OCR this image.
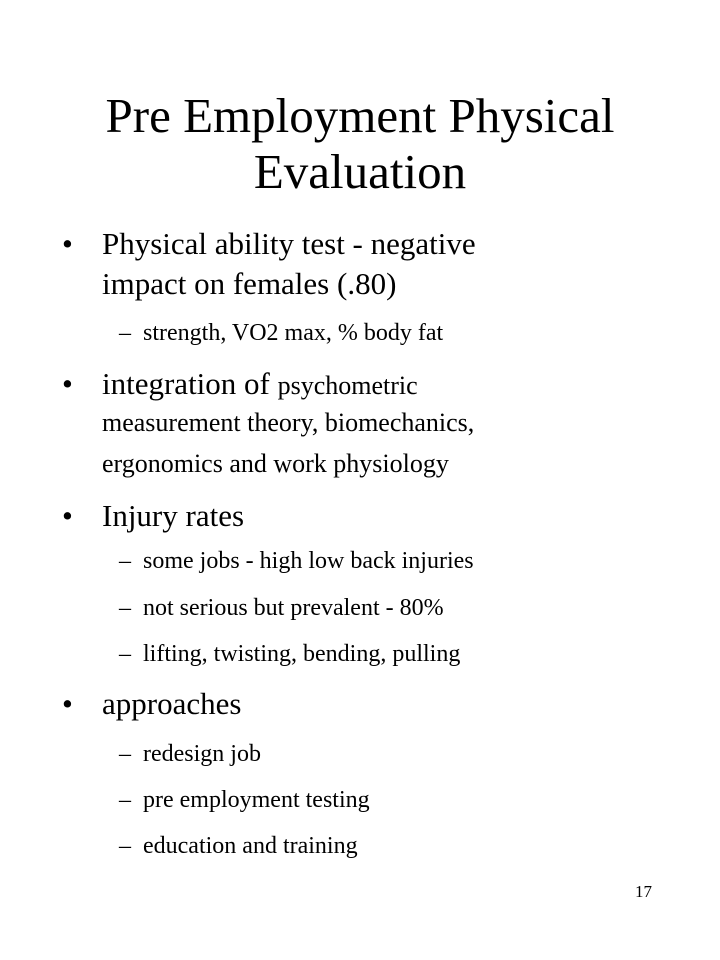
Pre Employment Physical
Evaluation
• Physical ability test - negative
impact on females (.80)
– strength, VO2 max, % body fat
• integration of psychometric
measurement theory, biomechanics,
ergonomics and work physiology
• Injury rates
– some jobs - high low back injuries
– not serious but prevalent - 80%
– lifting, twisting, bending, pulling
• approaches
– redesign job
– pre employment testing
– education and training
17
